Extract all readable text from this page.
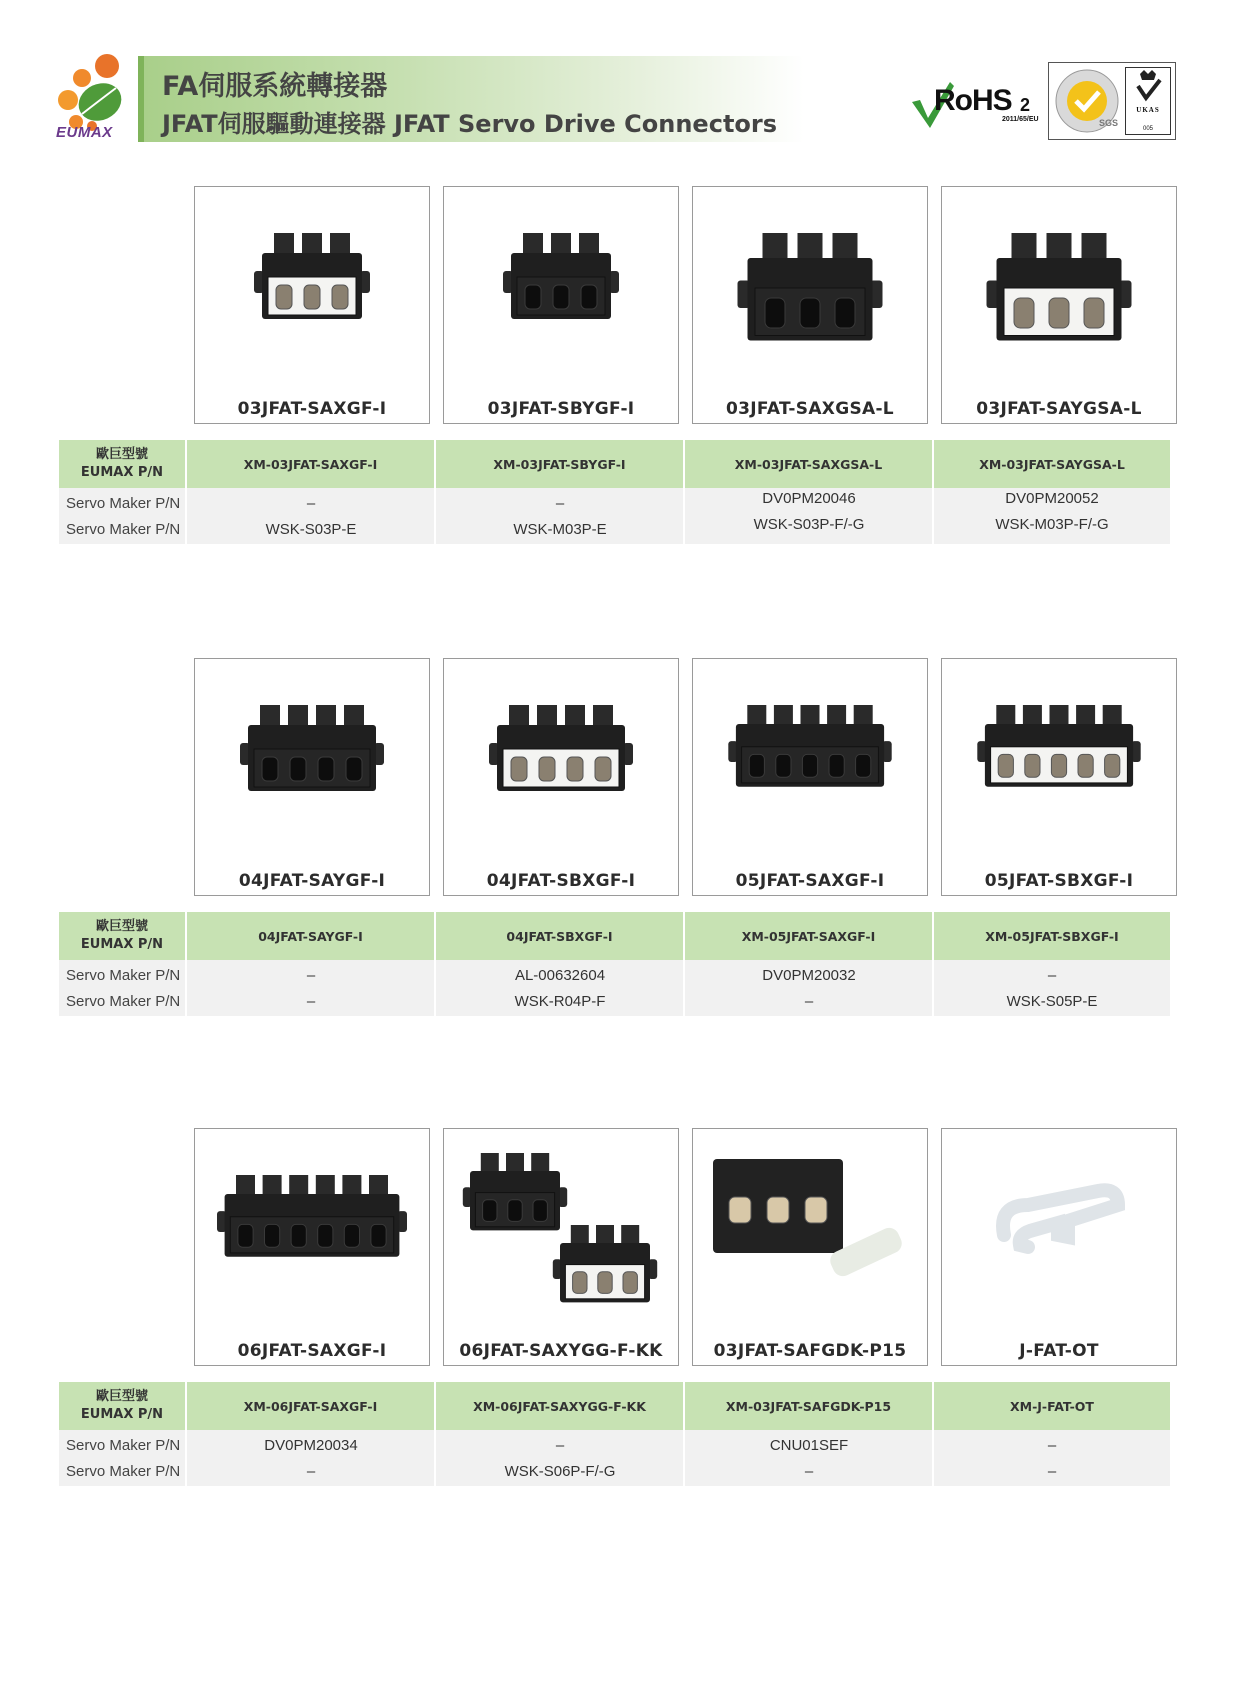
EUMAX
FA伺服系統轉接器
JFAT伺服驅動連接器 JFAT Servo Drive Connectors
RoHS 2
2011/65/EU	SGS
UKAS
005
03JFAT-SAXGF-I	03JFAT-SBYGF-I	03JFAT-SAXGSA-L	03JFAT-SAYGSA-L
歐巨型號
EUMAX P/N
XM-03JFAT-SAXGF-I	XM-03JFAT-SBYGF-I	XM-03JFAT-SAXGSA-L	XM-03JFAT-SAYGSA-L
Servo Maker P/N
Servo Maker P/N
–	–	DV0PM20046	DV0PM20052
WSK-S03P-E	WSK-M03P-E	WSK-S03P-F/-G	WSK-M03P-F/-G
04JFAT-SAYGF-I	04JFAT-SBXGF-I	05JFAT-SAXGF-I	05JFAT-SBXGF-I
歐巨型號
EUMAX P/N
04JFAT-SAYGF-I	04JFAT-SBXGF-I	XM-05JFAT-SAXGF-I	XM-05JFAT-SBXGF-I
Servo Maker P/N
Servo Maker P/N
–	AL-00632604	DV0PM20032	–
–	WSK-R04P-F	–	WSK-S05P-E
06JFAT-SAXGF-I	06JFAT-SAXYGG-F-KK	03JFAT-SAFGDK-P15	J-FAT-OT
歐巨型號
EUMAX P/N
XM-06JFAT-SAXGF-I	XM-06JFAT-SAXYGG-F-KK	XM-03JFAT-SAFGDK-P15	XM-J-FAT-OT
Servo Maker P/N
Servo Maker P/N
DV0PM20034	–	CNU01SEF	–
–	WSK-S06P-F/-G	–	–
